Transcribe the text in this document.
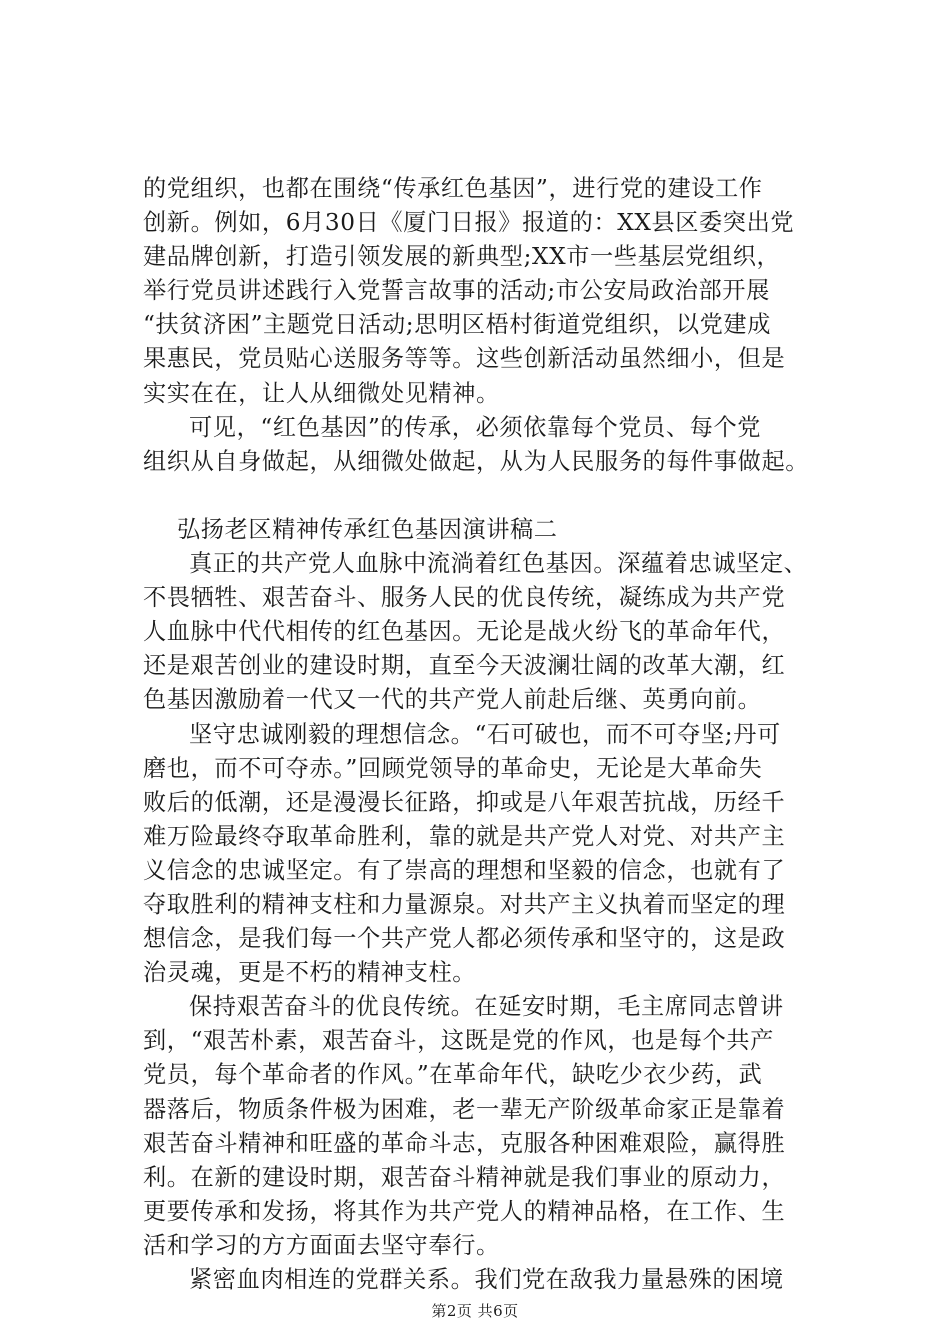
的党组织，也都在围绕“传承红色基因”，进行党的建设工作
创新。例如，6月30日《厦门日报》报道的：XX县区委突出党
建品牌创新，打造引领发展的新典型;XX市一些基层党组织，
举行党员讲述践行入党誓言故事的活动;市公安局政治部开展
“扶贫济困”主题党日活动;思明区梧村街道党组织，以党建成
果惠民，党员贴心送服务等等。这些创新活动虽然细小，但是
实实在在，让人从细微处见精神。
可见，“红色基因”的传承，必须依靠每个党员、每个党
组织从自身做起，从细微处做起，从为人民服务的每件事做起。
弘扬老区精神传承红色基因演讲稿二
真正的共产党人血脉中流淌着红色基因。深蕴着忠诚坚定、
不畏牺牲、艰苦奋斗、服务人民的优良传统，凝练成为共产党
人血脉中代代相传的红色基因。无论是战火纷飞的革命年代，
还是艰苦创业的建设时期，直至今天波澜壮阔的改革大潮，红
色基因激励着一代又一代的共产党人前赴后继、英勇向前。
坚守忠诚刚毅的理想信念。“石可破也，而不可夺坚;丹可
磨也，而不可夺赤。”回顾党领导的革命史，无论是大革命失
败后的低潮，还是漫漫长征路，抑或是八年艰苦抗战，历经千
难万险最终夺取革命胜利，靠的就是共产党人对党、对共产主
义信念的忠诚坚定。有了崇高的理想和坚毅的信念，也就有了
夺取胜利的精神支柱和力量源泉。对共产主义执着而坚定的理
想信念，是我们每一个共产党人都必须传承和坚守的，这是政
治灵魂，更是不朽的精神支柱。
保持艰苦奋斗的优良传统。在延安时期，毛主席同志曾讲
到，“艰苦朴素，艰苦奋斗，这既是党的作风，也是每个共产
党员，每个革命者的作风。”在革命年代，缺吃少衣少药，武
器落后，物质条件极为困难，老一辈无产阶级革命家正是靠着
艰苦奋斗精神和旺盛的革命斗志，克服各种困难艰险，赢得胜
利。在新的建设时期，艰苦奋斗精神就是我们事业的原动力，
更要传承和发扬，将其作为共产党人的精神品格，在工作、生
活和学习的方方面面去坚守奉行。
紧密血肉相连的党群关系。我们党在敌我力量悬殊的困境
第2页 共6页
